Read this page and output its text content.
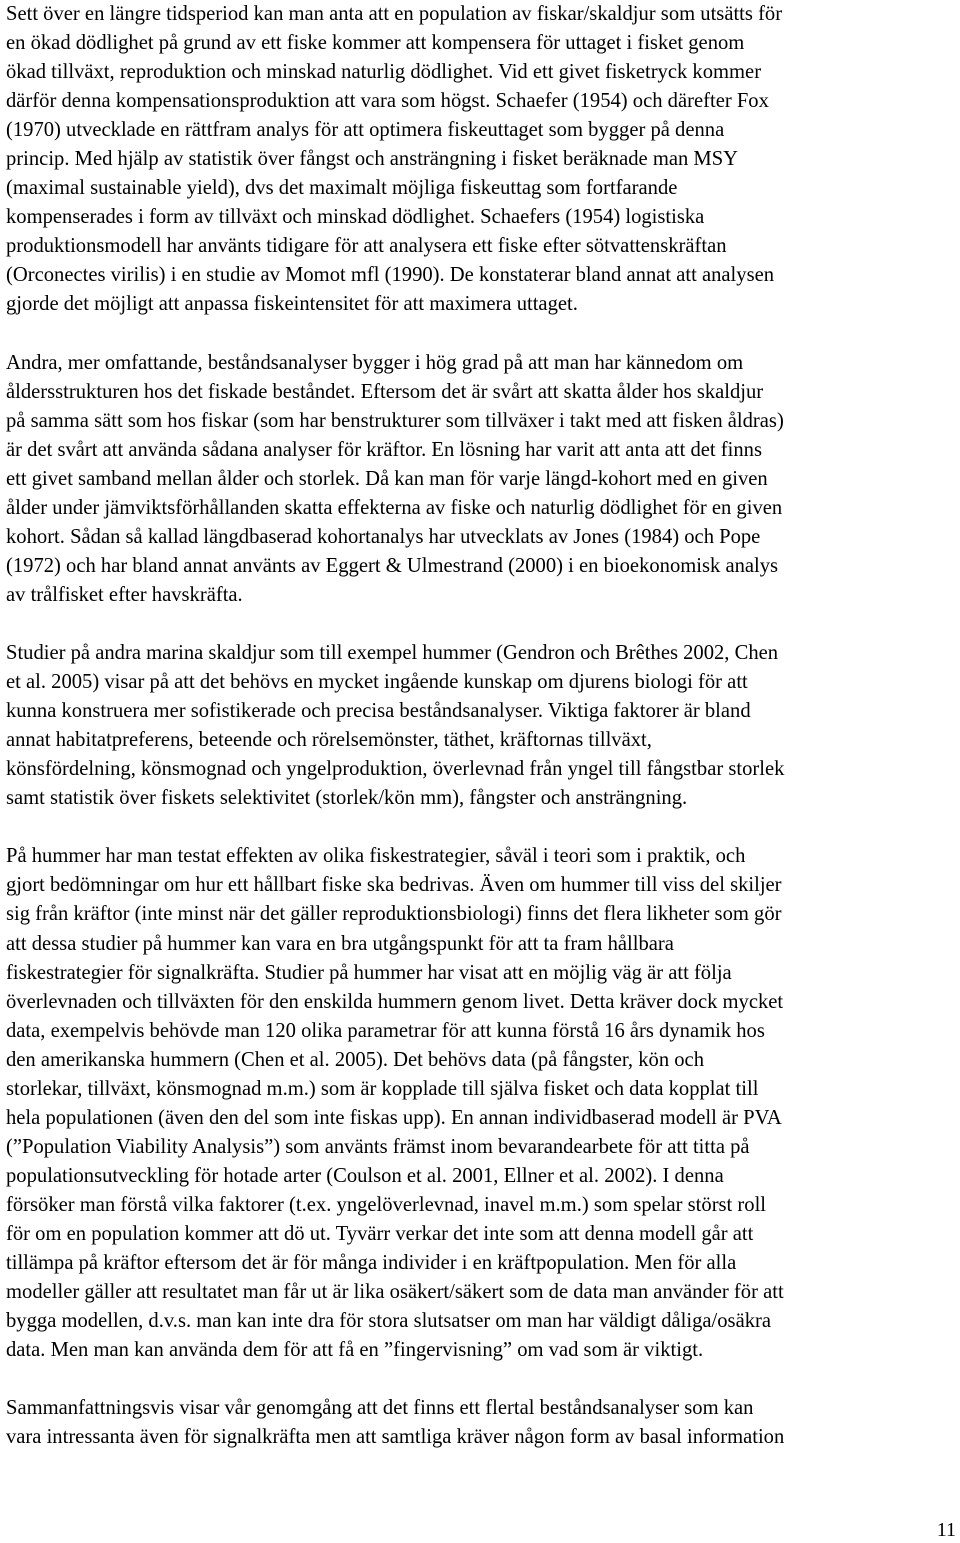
Sett över en längre tidsperiod kan man anta att en population av fiskar/skaldjur som utsätts för
en ökad dödlighet på grund av ett fiske kommer att kompensera för uttaget i fisket genom
ökad tillväxt, reproduktion och minskad naturlig dödlighet. Vid ett givet fisketryck kommer
därför denna kompensationsproduktion att vara som högst. Schaefer (1954) och därefter Fox
(1970) utvecklade en rättfram analys för att optimera fiskeuttaget som bygger på denna
princip. Med hjälp av statistik över fångst och ansträngning i fisket beräknade man MSY
(maximal sustainable yield), dvs det maximalt möjliga fiskeuttag som fortfarande
kompenserades i form av tillväxt och minskad dödlighet. Schaefers (1954) logistiska
produktionsmodell har använts tidigare för att analysera ett fiske efter sötvattenskräftan
(Orconectes virilis) i en studie av Momot mfl (1990). De konstaterar bland annat att analysen
gjorde det möjligt att anpassa fiskeintensitet för att maximera uttaget.

Andra, mer omfattande, beståndsanalyser bygger i hög grad på att man har kännedom om
åldersstrukturen hos det fiskade beståndet. Eftersom det är svårt att skatta ålder hos skaldjur
på samma sätt som hos fiskar (som har benstrukturer som tillväxer i takt med att fisken åldras)
är det svårt att använda sådana analyser för kräftor. En lösning har varit att anta att det finns
ett givet samband mellan ålder och storlek. Då kan man för varje längd-kohort med en given
ålder under jämviktsförhållanden skatta effekterna av fiske och naturlig dödlighet för en given
kohort. Sådan så kallad längdbaserad kohortanalys har utvecklats av Jones (1984) och Pope
(1972) och har bland annat använts av Eggert & Ulmestrand (2000) i en bioekonomisk analys
av trålfisket efter havskräfta.

Studier på andra marina skaldjur som till exempel hummer (Gendron och Brêthes 2002, Chen
et al. 2005) visar på att det behövs en mycket ingående kunskap om djurens biologi för att
kunna konstruera mer sofistikerade och precisa beståndsanalyser. Viktiga faktorer är bland
annat habitatpreferens, beteende och rörelsemönster, täthet, kräftornas tillväxt,
könsfördelning, könsmognad och yngelproduktion, överlevnad från yngel till fångstbar storlek
samt statistik över fiskets selektivitet (storlek/kön mm), fångster och ansträngning.

På hummer har man testat effekten av olika fiskestrategier, såväl i teori som i praktik, och
gjort bedömningar om hur ett hållbart fiske ska bedrivas. Även om hummer till viss del skiljer
sig från kräftor (inte minst när det gäller reproduktionsbiologi) finns det flera likheter som gör
att dessa studier på hummer kan vara en bra utgångspunkt för att ta fram hållbara
fiskestrategier för signalkräfta. Studier på hummer har visat att en möjlig väg är att följa
överlevnaden och tillväxten för den enskilda hummern genom livet. Detta kräver dock mycket
data, exempelvis behövde man 120 olika parametrar för att kunna förstå 16 års dynamik hos
den amerikanska hummern (Chen et al. 2005). Det behövs data (på fångster, kön och
storlekar, tillväxt, könsmognad m.m.) som är kopplade till själva fisket och data kopplat till
hela populationen (även den del som inte fiskas upp). En annan individbaserad modell är PVA
(”Population Viability Analysis”) som använts främst inom bevarandearbete för att titta på
populationsutveckling för hotade arter (Coulson et al. 2001, Ellner et al. 2002). I denna
försöker man förstå vilka faktorer (t.ex. yngelöverlevnad, inavel m.m.) som spelar störst roll
för om en population kommer att dö ut. Tyvärr verkar det inte som att denna modell går att
tillämpa på kräftor eftersom det är för många individer i en kräftpopulation. Men för alla
modeller gäller att resultatet man får ut är lika osäkert/säkert som de data man använder för att
bygga modellen, d.v.s. man kan inte dra för stora slutsatser om man har väldigt dåliga/osäkra
data. Men man kan använda dem för att få en ”fingervisning” om vad som är viktigt.

Sammanfattningsvis visar vår genomgång att det finns ett flertal beståndsanalyser som kan
vara intressanta även för signalkräfta men att samtliga kräver någon form av basal information

11
